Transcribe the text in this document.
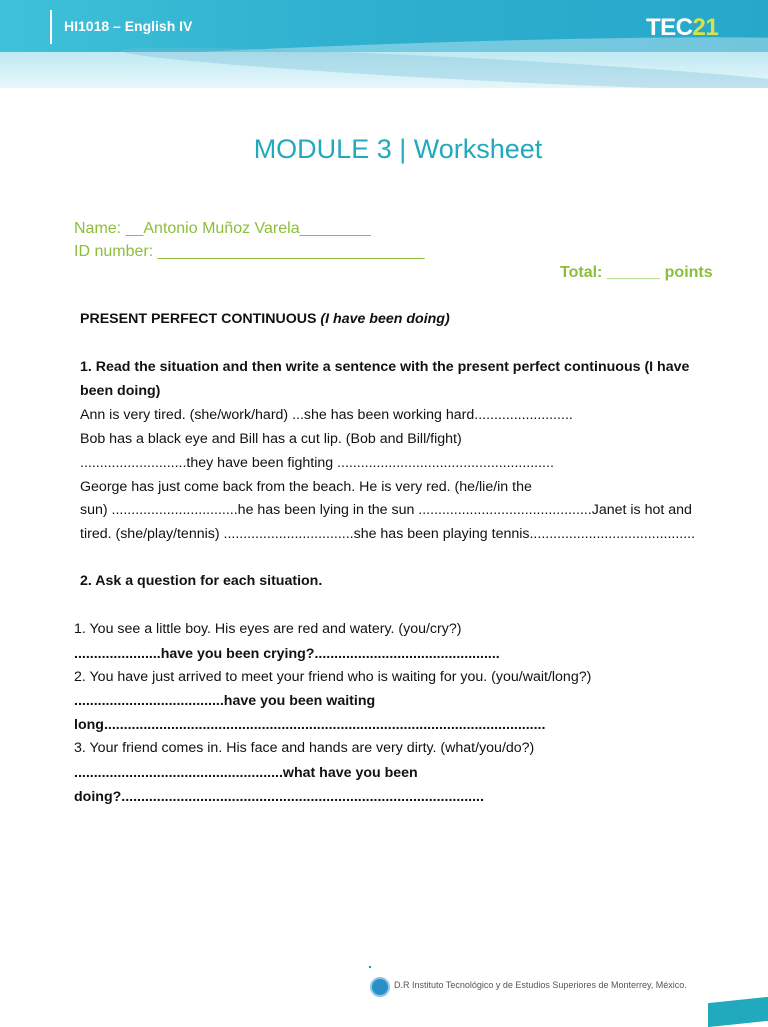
HI1018 – English IV	TEC21
MODULE 3 | Worksheet
Name: __Antonio Muñoz Varela________
ID number: ______________________________
Total: ______ points
PRESENT PERFECT CONTINUOUS (I have been doing)
1. Read the situation and then write a sentence with the present perfect continuous (I have
been doing)
Ann is very tired. (she/work/hard) ...she has been working hard.........................
Bob has a black eye and Bill has a cut lip. (Bob and Bill/fight)
...........................they have been fighting .......................................................
George has just come back from the beach. He is very red. (he/lie/in the
sun) ................................he has been lying in the sun ............................................Janet is hot and
tired. (she/play/tennis) .................................she has been playing tennis..........................................
2. Ask a question for each situation.
1. You see a little boy. His eyes are red and watery. (you/cry?)
......................have you been crying?...............................................
2. You have just arrived to meet your friend who is waiting for you. (you/wait/long?)
......................................have you been waiting
long................................................................................................................
3. Your friend comes in. His face and hands are very dirty. (what/you/do?)
.....................................................what have you been
doing?............................................................................................
D.R Instituto Tecnológico y de Estudios Superiores de Monterrey, México.
